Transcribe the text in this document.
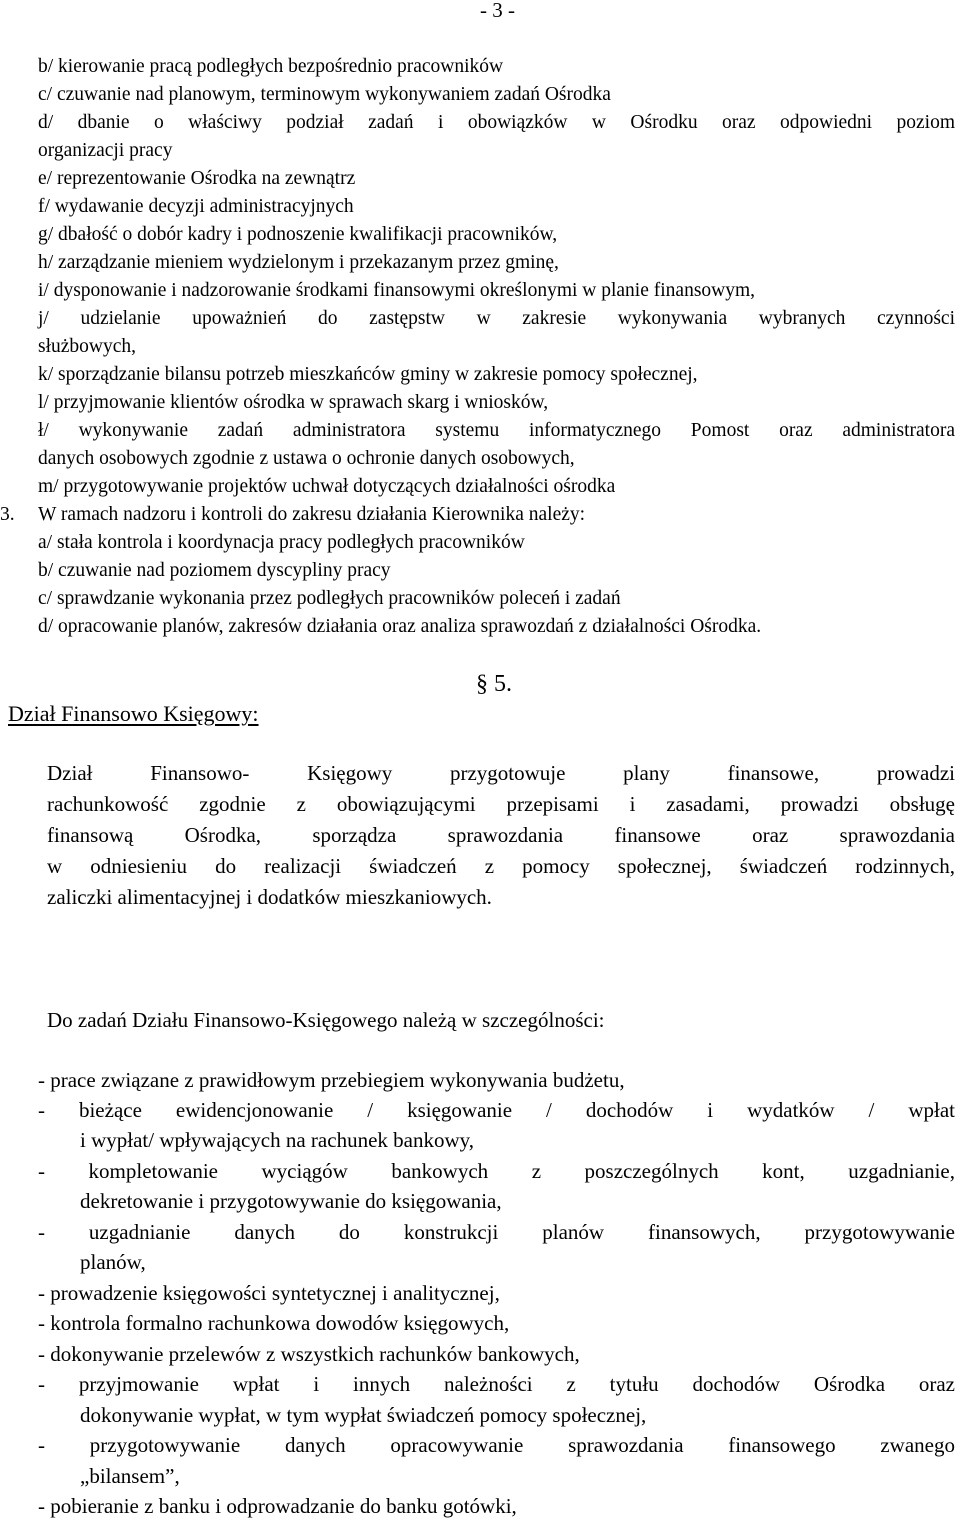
- 3 -
b/ kierowanie pracą podległych bezpośrednio pracowników
c/ czuwanie nad planowym, terminowym wykonywaniem zadań Ośrodka
d/ dbanie o właściwy podział zadań i obowiązków w Ośrodku oraz odpowiedni poziom
organizacji pracy
e/ reprezentowanie Ośrodka na zewnątrz
f/ wydawanie decyzji administracyjnych
g/ dbałość o dobór kadry i podnoszenie kwalifikacji pracowników,
h/ zarządzanie mieniem wydzielonym i przekazanym przez gminę,
i/ dysponowanie i nadzorowanie środkami finansowymi określonymi w planie finansowym,
j/ udzielanie upoważnień do zastępstw w zakresie wykonywania wybranych czynności
służbowych,
k/ sporządzanie bilansu potrzeb mieszkańców gminy w zakresie pomocy społecznej,
l/ przyjmowanie klientów ośrodka w sprawach skarg i wniosków,
ł/ wykonywanie zadań administratora systemu informatycznego Pomost oraz administratora
danych osobowych zgodnie z ustawa o ochronie danych osobowych,
m/ przygotowywanie projektów uchwał dotyczących działalności ośrodka
3. W ramach nadzoru i kontroli do zakresu działania Kierownika należy:
a/ stała kontrola i koordynacja pracy podległych pracowników
b/ czuwanie nad poziomem dyscypliny pracy
c/ sprawdzanie wykonania przez podległych pracowników poleceń i zadań
d/ opracowanie planów, zakresów działania oraz analiza sprawozdań z działalności Ośrodka.
§ 5.
Dział Finansowo Księgowy:
Dział Finansowo- Księgowy przygotowuje plany finansowe, prowadzi
rachunkowość zgodnie z obowiązującymi przepisami i zasadami, prowadzi obsługę
finansową Ośrodka, sporządza sprawozdania finansowe oraz sprawozdania
w odniesieniu do realizacji świadczeń z pomocy społecznej, świadczeń rodzinnych,
zaliczki alimentacyjnej i dodatków mieszkaniowych.
Do zadań Działu Finansowo-Księgowego należą w szczególności:
- prace związane z prawidłowym przebiegiem wykonywania budżetu,
- bieżące ewidencjonowanie / księgowanie / dochodów i wydatków / wpłat
i wypłat/ wpływających na rachunek bankowy,
- kompletowanie wyciągów bankowych z poszczególnych kont, uzgadnianie,
dekretowanie i przygotowywanie do księgowania,
- uzgadnianie danych do konstrukcji planów finansowych, przygotowywanie
planów,
- prowadzenie księgowości syntetycznej i analitycznej,
- kontrola formalno rachunkowa dowodów księgowych,
- dokonywanie przelewów z wszystkich rachunków bankowych,
- przyjmowanie wpłat i innych należności z tytułu dochodów Ośrodka oraz
dokonywanie wypłat, w tym wypłat świadczeń pomocy społecznej,
- przygotowywanie danych opracowywanie sprawozdania finansowego zwanego
„bilansem”,
- pobieranie z banku i odprowadzanie do banku gotówki,
